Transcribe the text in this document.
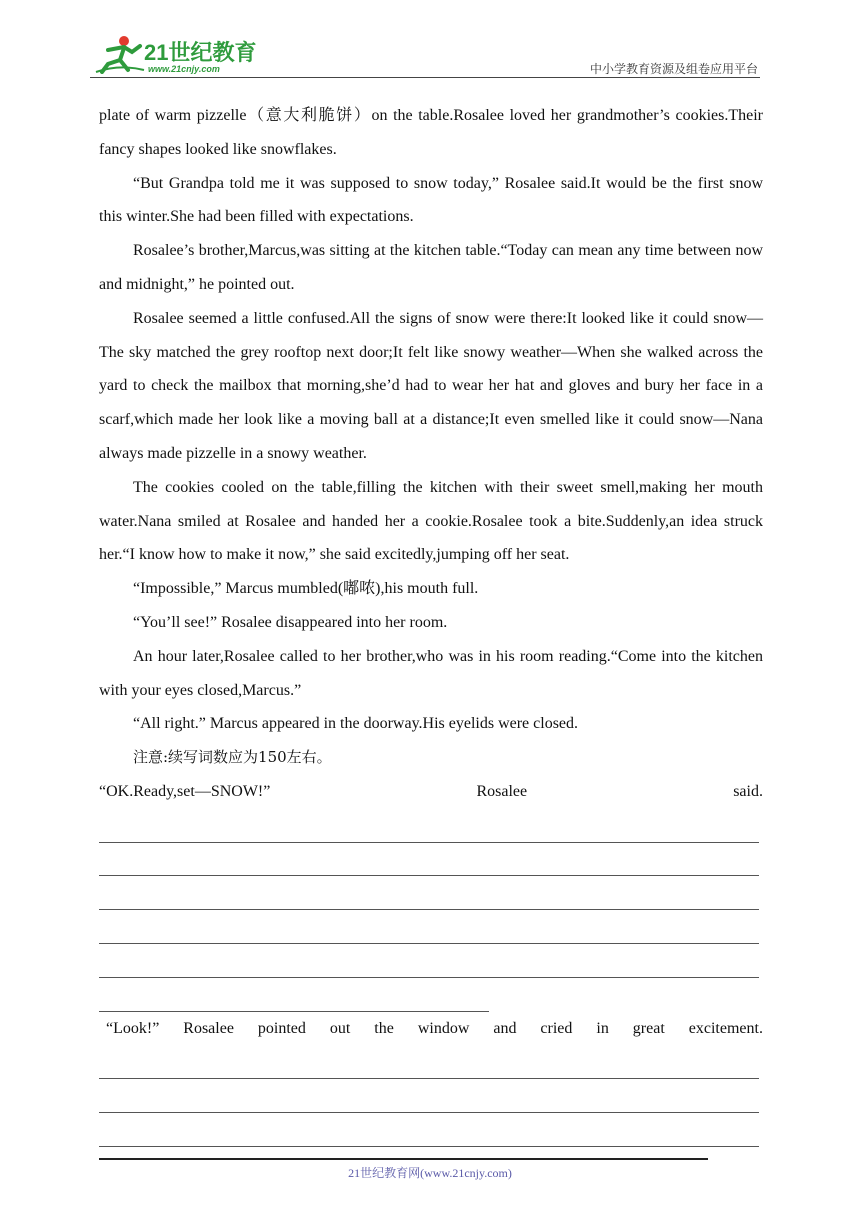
21世纪教育
www.21cnjy.com	中小学教育资源及组卷应用平台

plate of warm pizzelle（意大利脆饼）on the table.Rosalee loved her grandmother’s cookies.Their fancy shapes looked like snowflakes.

“But Grandpa told me it was supposed to snow today,” Rosalee said.It would be the first snow this winter.She had been filled with expectations.

Rosalee’s brother,Marcus,was sitting at the kitchen table.“Today can mean any time between now and midnight,” he pointed out.

Rosalee seemed a little confused.All the signs of snow were there:It looked like it could snow—The sky matched the grey rooftop next door;It felt like snowy weather—When she walked across the yard to check the mailbox that morning,she’d had to wear her hat and gloves and bury her face in a scarf,which made her look like a moving ball at a distance;It even smelled like it could snow—Nana always made pizzelle in a snowy weather.

The cookies cooled on the table,filling the kitchen with their sweet smell,making her mouth water.Nana smiled at Rosalee and handed her a cookie.Rosalee took a bite.Suddenly,an idea struck her.“I know how to make it now,” she said excitedly,jumping off her seat.

“Impossible,” Marcus mumbled(嘟哝),his mouth full.

“You’ll see!” Rosalee disappeared into her room.

An hour later,Rosalee called to her brother,who was in his room reading.“Come into the kitchen with your eyes closed,Marcus.”

“All right.” Marcus appeared in the doorway.His eyelids were closed.

注意:续写词数应为150左右。

“OK.Ready,set—SNOW!”	Rosalee	said.
“Look!” Rosalee pointed out the window and cried in great excitement.
21世纪教育网(www.21cnjy.com)
